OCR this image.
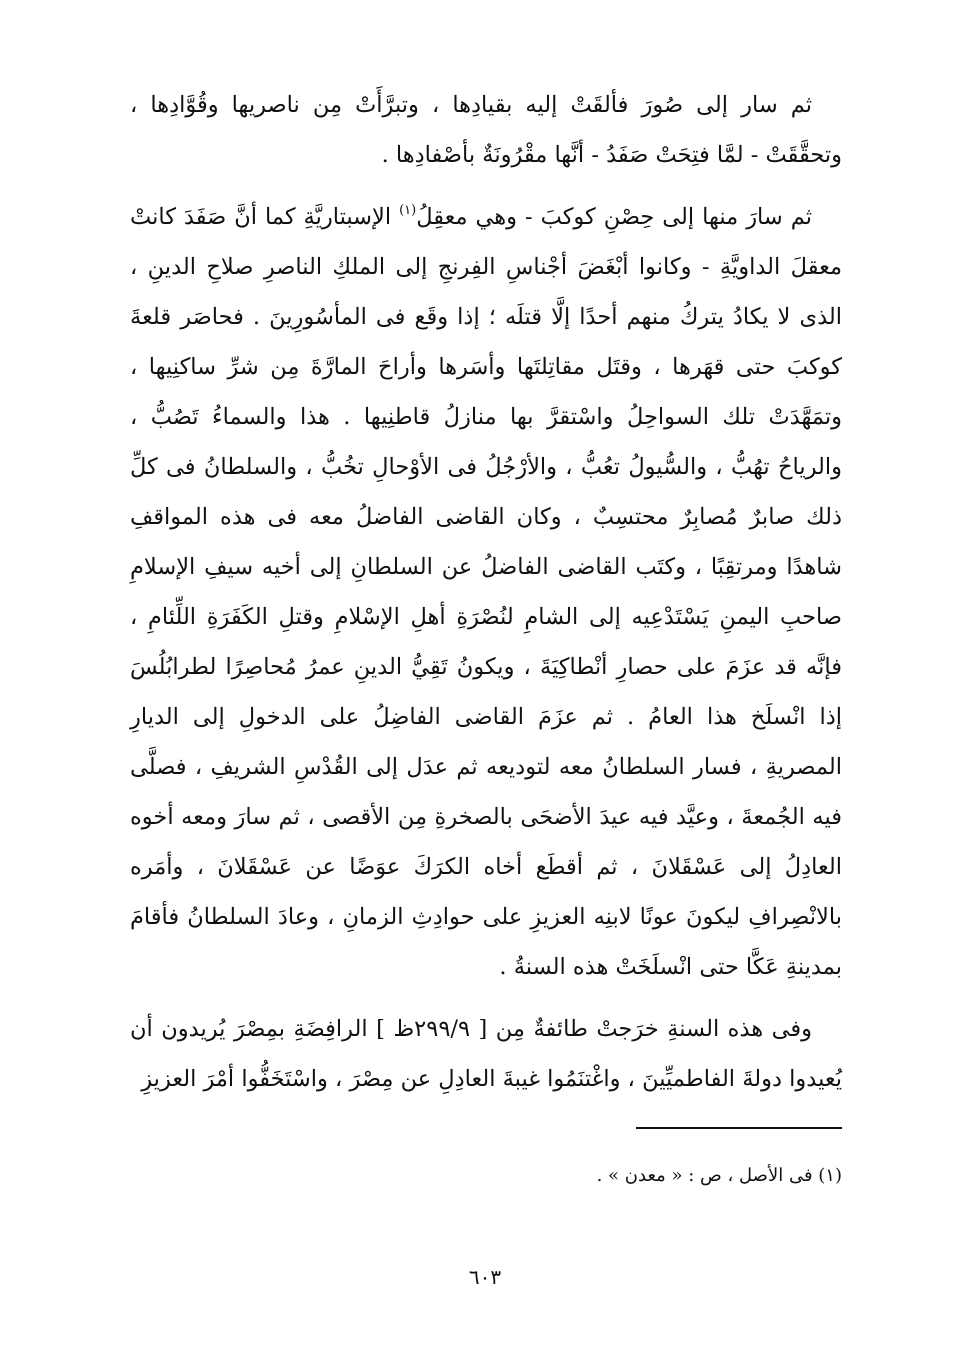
ثم سار إلى صُورَ فألقَتْ إليه بقيادِها ، وتبرَّأَتْ مِن ناصريها وقُوَّادِها ، وتحقَّقَتْ - لمَّا فتِحَتْ صَفَدُ - أنَّها مقْرُونَةٌ بأصْفادِها .

ثم سارَ منها إلى حِصْنِ كوكبَ - وهي معقِلُ$^{(١)}$ الإسبتاريَّةِ كما أنَّ صَفَدَ كانتْ معقلَ الداويَّةِ - وكانوا أبْغَضَ أجْناسِ الفِرنجِ إلى الملكِ الناصرِ صلاحِ الدينِ ، الذى لا يكادُ يتركُ منهم أحدًا إلَّا قتلَه ؛ إذا وقَع فى المأسُورِينَ . فحاصَر قلعةَ كوكبَ حتى قهَرها ، وقتَل مقاتِلتَها وأسَرها وأراحَ المارَّةَ مِن شرِّ ساكنِيها ، وتمَهَّدَتْ تلك السواحِلُ واسْتقرَّ بها منازلُ قاطنِيها . هذا والسماءُ تَصُبُّ ، والرياحُ تهُبُّ ، والسُّيولُ تعُبُّ ، والأرْجُلُ فى الأوْحالِ تخُبُّ ، والسلطانُ فى كلِّ ذلك صابرٌ مُصابِرٌ محتسِبٌ ، وكان القاضى الفاضلُ معه فى هذه المواقفِ شاهدًا ومرتقِبًا ، وكتَب القاضى الفاضلُ عن السلطانِ إلى أخيه سيفِ الإسلامِ صاحبِ اليمنِ يَسْتَدْعِيه إلى الشامِ لنُصْرَةِ أهلِ الإسْلامِ وقتلِ الكَفَرَةِ اللِّئامِ ، فإنَّه قد عزَمَ على حصارِ أنْطاكِيَةَ ، ويكونُ تَقِيُّ الدينِ عمرُ مُحاصِرًا لطرابُلُسَ إذا انْسلَخ هذا العامُ . ثم عزَمَ القاضى الفاضِلُ على الدخولِ إلى الديارِ المصريةِ ، فسار السلطانُ معه لتوديعه ثم عدَل إلى القُدْسِ الشريفِ ، فصلَّى فيه الجُمعةَ ، وعيَّد فيه عيدَ الأضحَى بالصخرةِ مِن الأقصى ، ثم سارَ ومعه أخوه العادِلُ إلى عَسْقَلانَ ، ثم أقطَع أخاه الكرَكَ عوَضًا عن عَسْقَلانَ ، وأمَره بالانْصِرافِ ليكونَ عونًا لابنِه العزيزِ على حوادِثِ الزمانِ ، وعادَ السلطانُ فأقامَ بمدينةِ عَكَّا حتى انْسلَخَتْ هذه السنةُ .

وفى هذه السنةِ خرَجتْ طائفةٌ مِن [ ٢٩٩/٩ظ ] الرافِضَةِ بمِصْرَ يُريدون أن يُعيدوا دولةَ الفاطميِّينَ ، واغْتنَمُوا غيبةَ العادِلِ عن مِصْرَ ، واسْتَخَفُّوا أمْرَ العزيزِ

(١) فى الأصل ، ص : « معدن » .
٦٠٣
